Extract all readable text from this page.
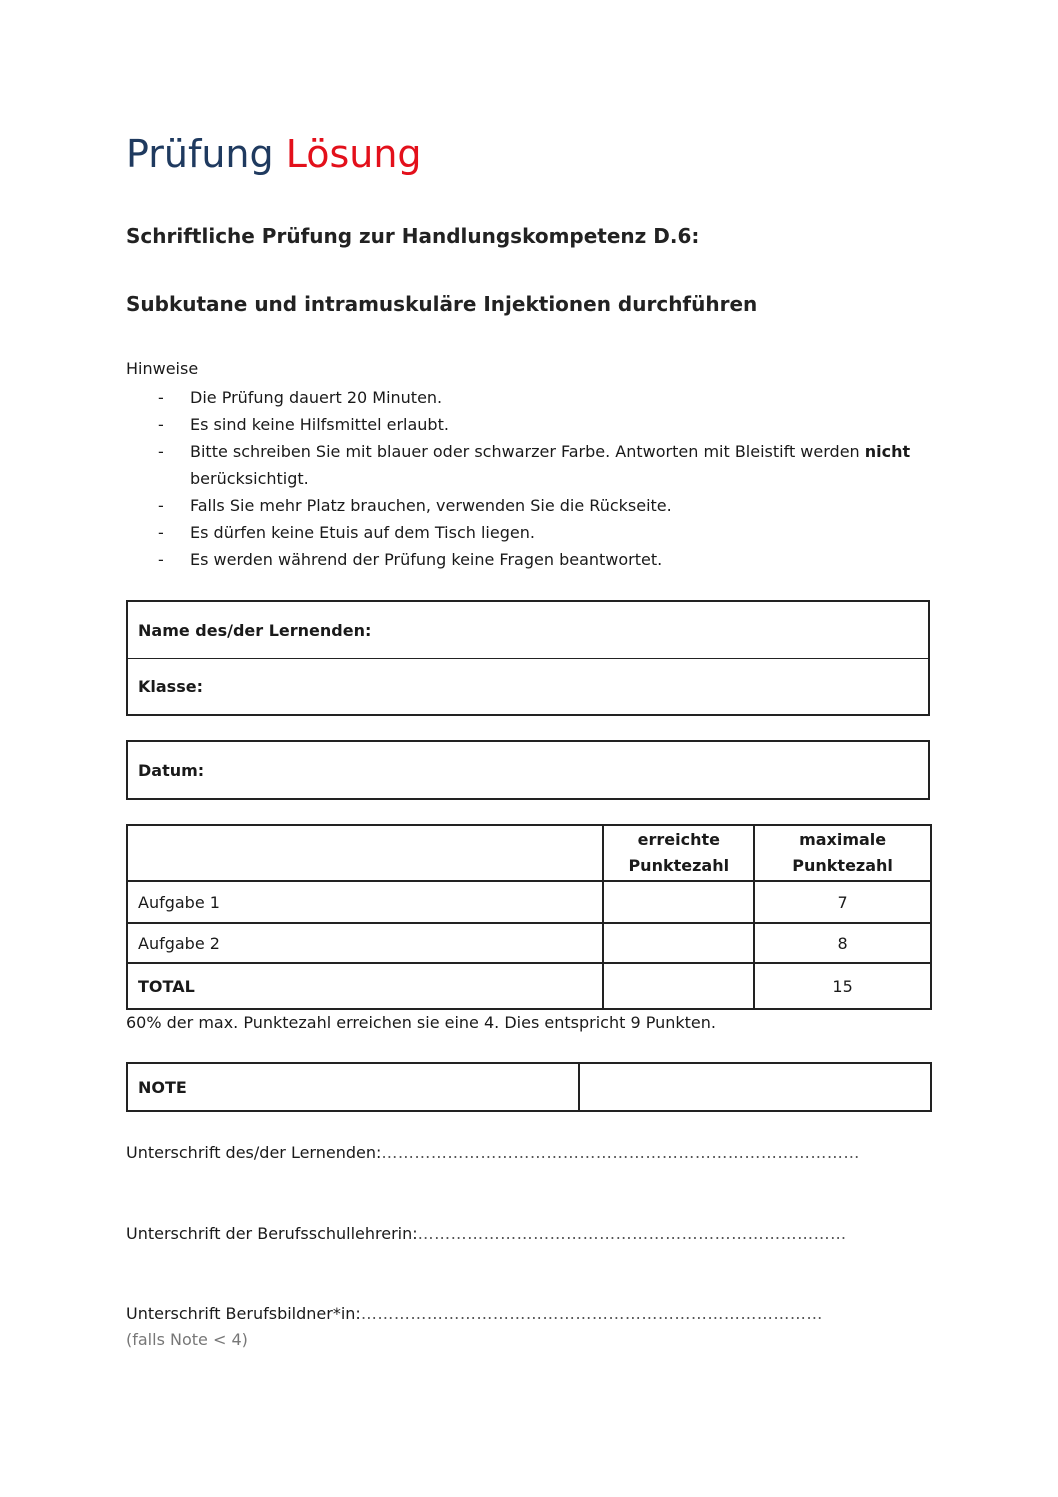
Prüfung Lösung
Schriftliche Prüfung zur Handlungskompetenz D.6:
Subkutane und intramuskuläre Injektionen durchführen
Hinweise
- Die Prüfung dauert 20 Minuten.
- Es sind keine Hilfsmittel erlaubt.
- Bitte schreiben Sie mit blauer oder schwarzer Farbe. Antworten mit Bleistift werden nicht berücksichtigt.
- Falls Sie mehr Platz brauchen, verwenden Sie die Rückseite.
- Es dürfen keine Etuis auf dem Tisch liegen.
- Es werden während der Prüfung keine Fragen beantwortet.
Name des/der Lernenden:
Klasse:
Datum:
	erreichte Punktezahl	maximale Punktezahl
Aufgabe 1		7
Aufgabe 2		8
TOTAL		15
60% der max. Punktezahl erreichen sie eine 4. Dies entspricht 9 Punkten.
NOTE	
Unterschrift des/der Lernenden:……………………………………………………………………………
Unterschrift der Berufsschullehrerin:……………………………………………………………………
Unterschrift Berufsbildner*in:…………………………………………………………………………
(falls Note < 4)
